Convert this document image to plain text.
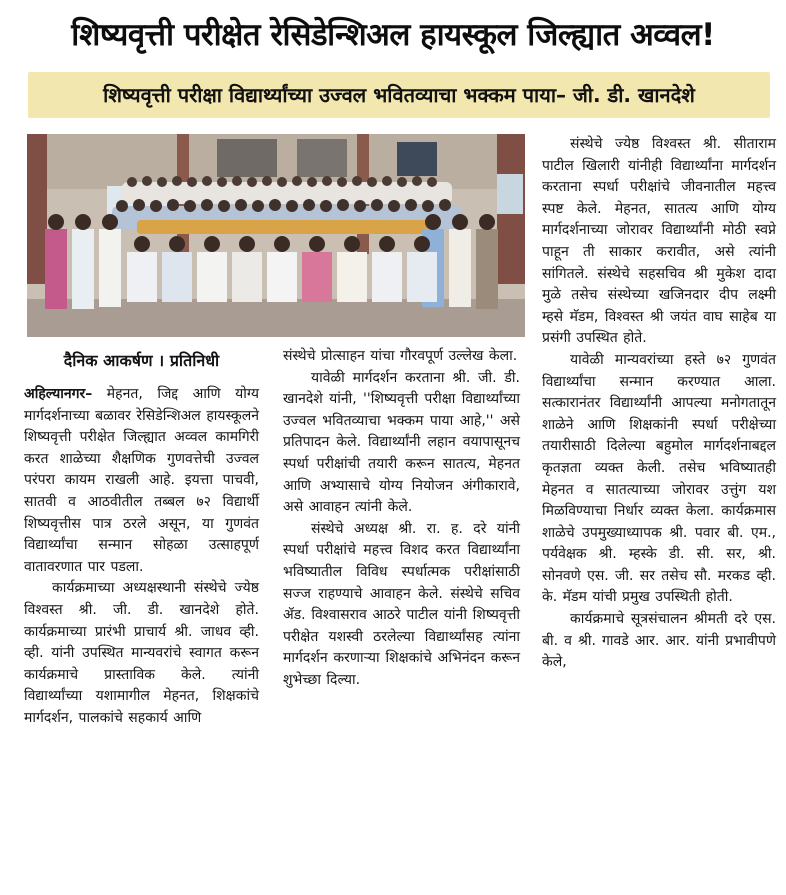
शिष्यवृत्ती परीक्षेत रेसिडेन्शिअल हायस्कूल जिल्ह्यात अव्वल!
शिष्यवृत्ती परीक्षा विद्यार्थ्यांच्या उज्वल भवितव्याचा भक्कम पाया– जी. डी. खानदेशे
दैनिक आकर्षण । प्रतिनिधी

अहिल्यानगर– मेहनत, जिद्द आणि योग्य मार्गदर्शनाच्या बळावर रेसिडेन्शिअल हायस्कूलने शिष्यवृत्ती परीक्षेत जिल्ह्यात अव्वल कामगिरी करत शाळेच्या शैक्षणिक गुणवत्तेची उज्वल परंपरा कायम राखली आहे. इयत्ता पाचवी, सातवी व आठवीतील तब्बल ७२ विद्यार्थी शिष्यवृत्तीस पात्र ठरले असून, या गुणवंत विद्यार्थ्यांचा सन्मान सोहळा उत्साहपूर्ण वातावरणात पार पडला.

कार्यक्रमाच्या अध्यक्षस्थानी संस्थेचे ज्येष्ठ विश्वस्त श्री. जी. डी. खानदेशे होते. कार्यक्रमाच्या प्रारंभी प्राचार्य श्री. जाधव व्ही. व्ही. यांनी उपस्थित मान्यवरांचे स्वागत करून कार्यक्रमाचे प्रास्ताविक केले. त्यांनी विद्यार्थ्यांच्या यशामागील मेहनत, शिक्षकांचे मार्गदर्शन, पालकांचे सहकार्य आणि

संस्थेचे प्रोत्साहन यांचा गौरवपूर्ण उल्लेख केला.

यावेळी मार्गदर्शन करताना श्री. जी. डी. खानदेशे यांनी, ''शिष्यवृत्ती परीक्षा विद्यार्थ्यांच्या उज्वल भवितव्याचा भक्कम पाया आहे,'' असे प्रतिपादन केले. विद्यार्थ्यांनी लहान वयापासूनच स्पर्धा परीक्षांची तयारी करून सातत्य, मेहनत आणि अभ्यासाचे योग्य नियोजन अंगीकारावे, असे आवाहन त्यांनी केले.

संस्थेचे अध्यक्ष श्री. रा. ह. दरे यांनी स्पर्धा परीक्षांचे महत्त्व विशद करत विद्यार्थ्यांना भविष्यातील विविध स्पर्धात्मक परीक्षांसाठी सज्ज राहण्याचे आवाहन केले. संस्थेचे सचिव ॲड. विश्वासराव आठरे पाटील यांनी शिष्यवृत्ती परीक्षेत यशस्वी ठरलेल्या विद्यार्थ्यांसह त्यांना मार्गदर्शन करणाऱ्या शिक्षकांचे अभिनंदन करून शुभेच्छा दिल्या.

संस्थेचे ज्येष्ठ विश्वस्त श्री. सीताराम पाटील खिलारी यांनीही विद्यार्थ्यांना मार्गदर्शन करताना स्पर्धा परीक्षांचे जीवनातील महत्त्व स्पष्ट केले. मेहनत, सातत्य आणि योग्य मार्गदर्शनाच्या जोरावर विद्यार्थ्यांनी मोठी स्वप्ने पाहून ती साकार करावीत, असे त्यांनी सांगितले. संस्थेचे सहसचिव श्री मुकेश दादा मुळे तसेच संस्थेच्या खजिनदार दीप लक्ष्मी म्हसे मॅडम, विश्वस्त श्री जयंत वाघ साहेब या प्रसंगी उपस्थित होते.

यावेळी मान्यवरांच्या हस्ते ७२ गुणवंत विद्यार्थ्यांचा सन्मान करण्यात आला. सत्कारानंतर विद्यार्थ्यांनी आपल्या मनोगतातून शाळेने आणि शिक्षकांनी स्पर्धा परीक्षेच्या तयारीसाठी दिलेल्या बहुमोल मार्गदर्शनाबद्दल कृतज्ञता व्यक्त केली. तसेच भविष्यातही मेहनत व सातत्याच्या जोरावर उत्तुंग यश मिळविण्याचा निर्धार व्यक्त केला. कार्यक्रमास शाळेचे उपमुख्याध्यापक श्री. पवार बी. एम., पर्यवेक्षक श्री. म्हस्के डी. सी. सर, श्री. सोनवणे एस. जी. सर तसेच सौ. मरकड व्ही. के. मॅडम यांची प्रमुख उपस्थिती होती.

कार्यक्रमाचे सूत्रसंचालन श्रीमती दरे एस. बी. व श्री. गावडे आर. आर. यांनी प्रभावीपणे केले,
